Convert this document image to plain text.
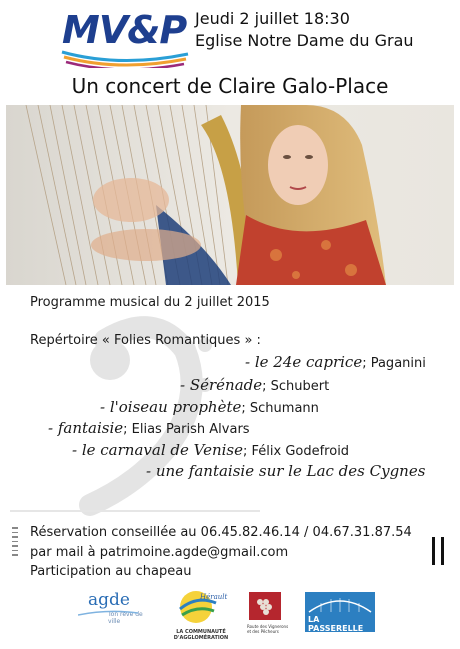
MV&P Jeudi 2 juillet 18:30
Eglise Notre Dame du Grau
Un concert de Claire Galo-Place
Programme musical du 2 juillet 2015
Repértoire « Folies Romantiques » :
- le 24e caprice; Paganini
- Sérénade; Schubert
- l'oiseau prophète; Schumann
- fantaisie; Elias Parish Alvars
- le carnaval de Venise; Félix Godefroid
- une fantaisie sur le Lac des Cygnes
Réservation conseillée au 06.45.82.46.14 / 04.67.31.87.54
par mail à patrimoine.agde@gmail.com
Participation au chapeau
agde
Ton rêve de ville
Hérault
LA COMMUNAUTÉ D'AGGLOMÉRATION
Route des Vignerons et des Pêcheurs
LA PASSERELLE
